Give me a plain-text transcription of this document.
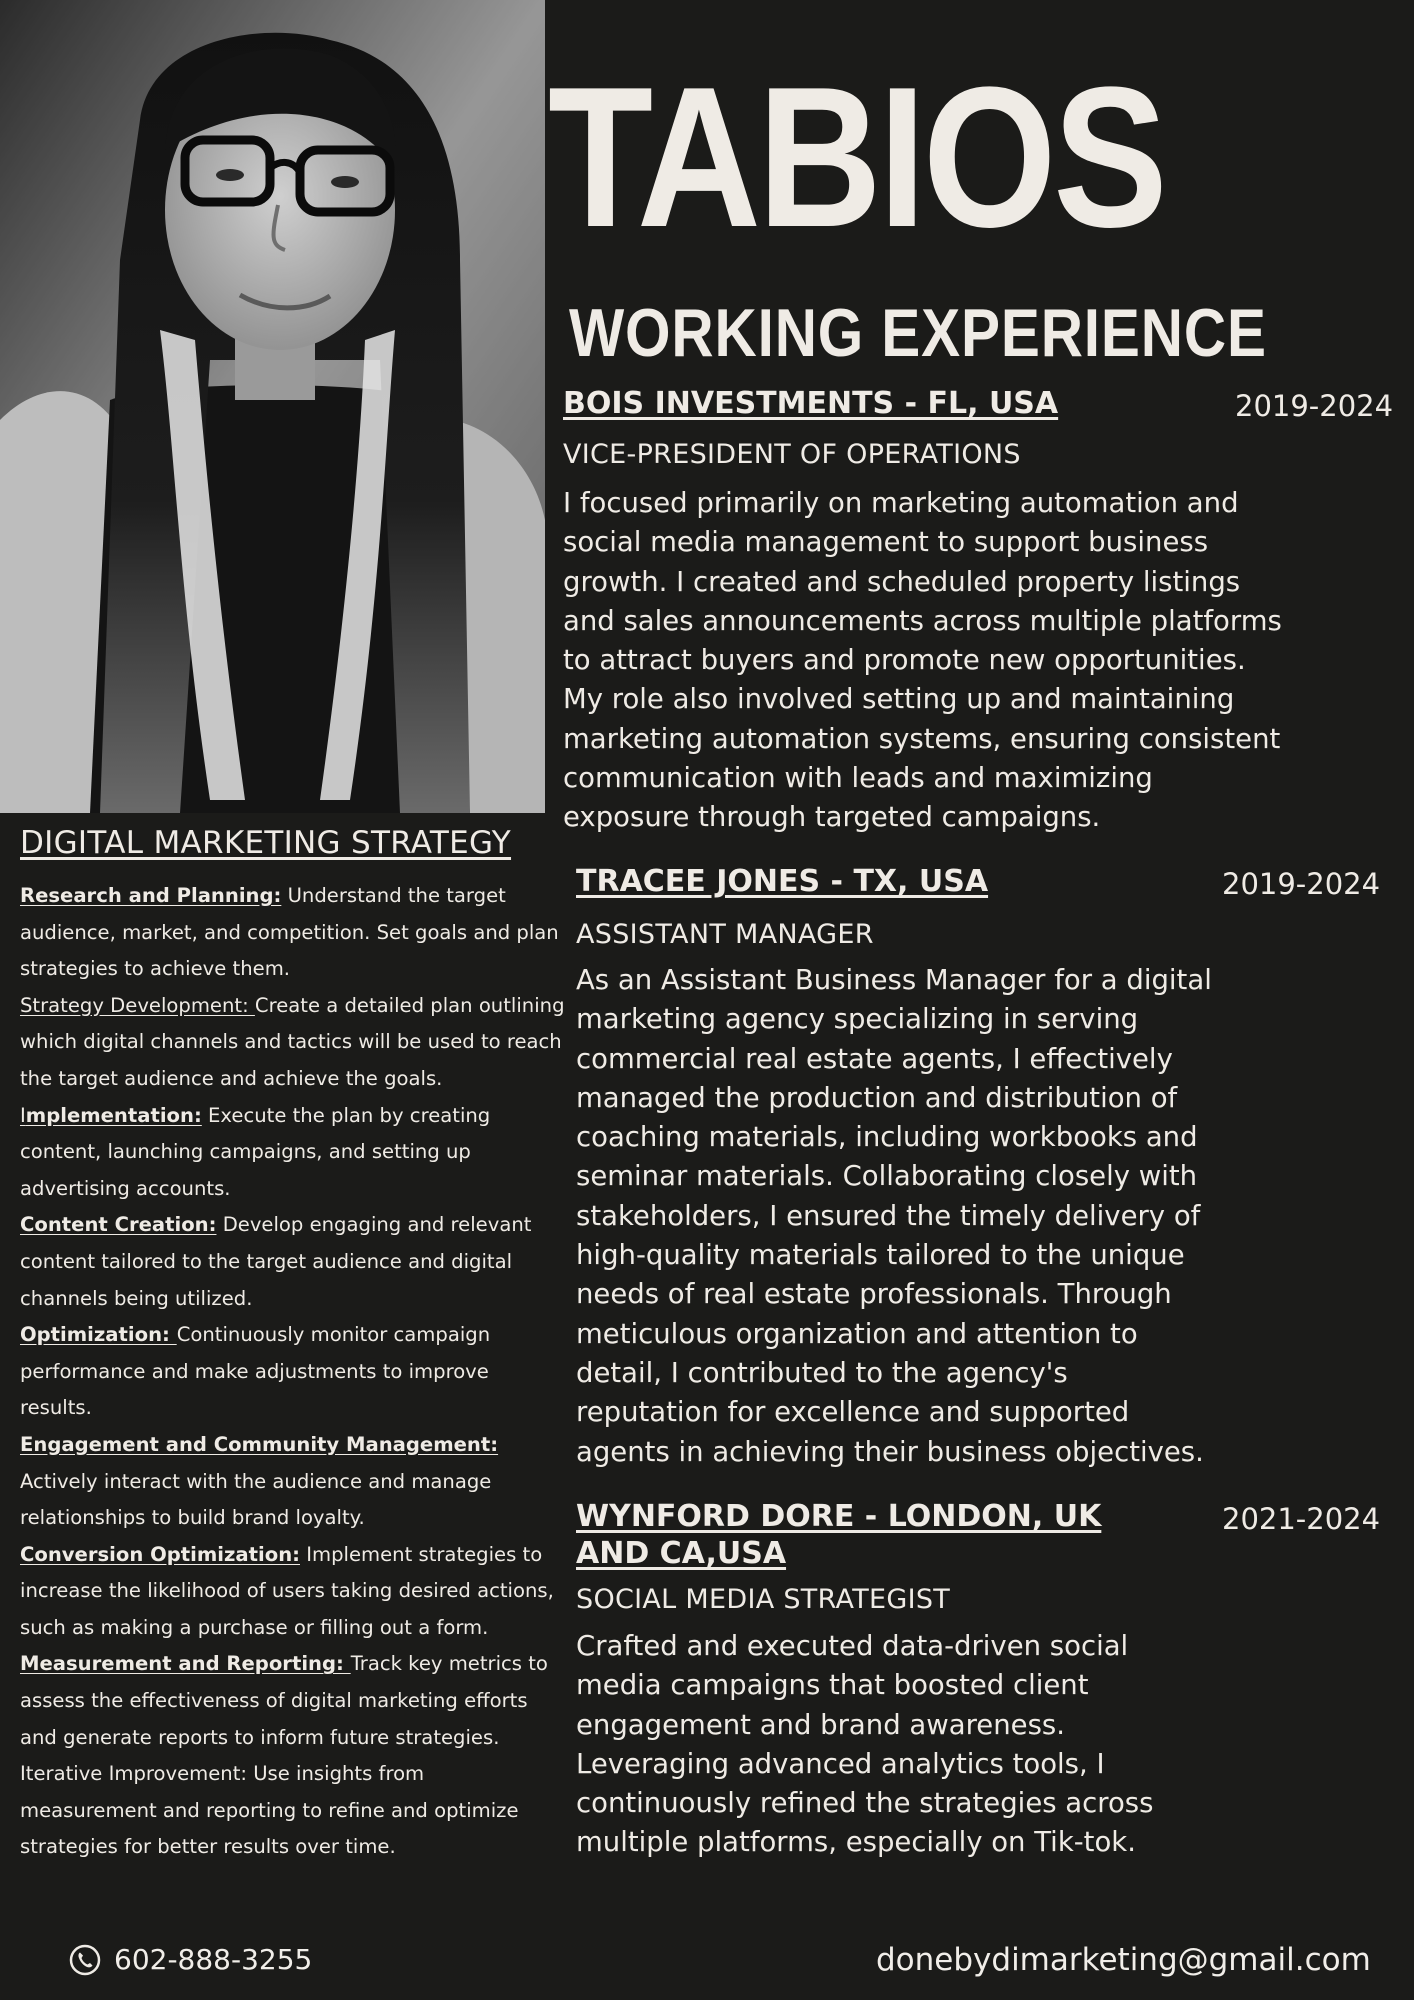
TABIOS
WORKING EXPERIENCE
BOIS INVESTMENTS - FL, USA	2019-2024
VICE-PRESIDENT OF OPERATIONS
I focused primarily on marketing automation and social media management to support business growth. I created and scheduled property listings and sales announcements across multiple platforms to attract buyers and promote new opportunities. My role also involved setting up and maintaining marketing automation systems, ensuring consistent communication with leads and maximizing exposure through targeted campaigns.
TRACEE JONES - TX, USA	2019-2024
ASSISTANT MANAGER
As an Assistant Business Manager for a digital marketing agency specializing in serving commercial real estate agents, I effectively managed the production and distribution of coaching materials, including workbooks and seminar materials. Collaborating closely with stakeholders, I ensured the timely delivery of high-quality materials tailored to the unique needs of real estate professionals. Through meticulous organization and attention to detail, I contributed to the agency's reputation for excellence and supported agents in achieving their business objectives.
WYNFORD DORE - LONDON, UK AND CA,USA
2021-2024
SOCIAL MEDIA STRATEGIST
Crafted and executed data-driven social media campaigns that boosted client engagement and brand awareness. Leveraging advanced analytics tools, I continuously refined the strategies across multiple platforms, especially on Tik-tok.
DIGITAL MARKETING STRATEGY

Research and Planning: Understand the target audience, market, and competition. Set goals and plan strategies to achieve them.

Strategy Development: Create a detailed plan outlining which digital channels and tactics will be used to reach the target audience and achieve the goals.

Implementation: Execute the plan by creating content, launching campaigns, and setting up advertising accounts.

Content Creation: Develop engaging and relevant content tailored to the target audience and digital channels being utilized.

Optimization: Continuously monitor campaign performance and make adjustments to improve results.

Engagement and Community Management: Actively interact with the audience and manage relationships to build brand loyalty.

Conversion Optimization: Implement strategies to increase the likelihood of users taking desired actions, such as making a purchase or filling out a form.

Measurement and Reporting: Track key metrics to assess the effectiveness of digital marketing efforts and generate reports to inform future strategies.

Iterative Improvement: Use insights from measurement and reporting to refine and optimize strategies for better results over time.

602-888-3255	donebydimarketing@gmail.com
